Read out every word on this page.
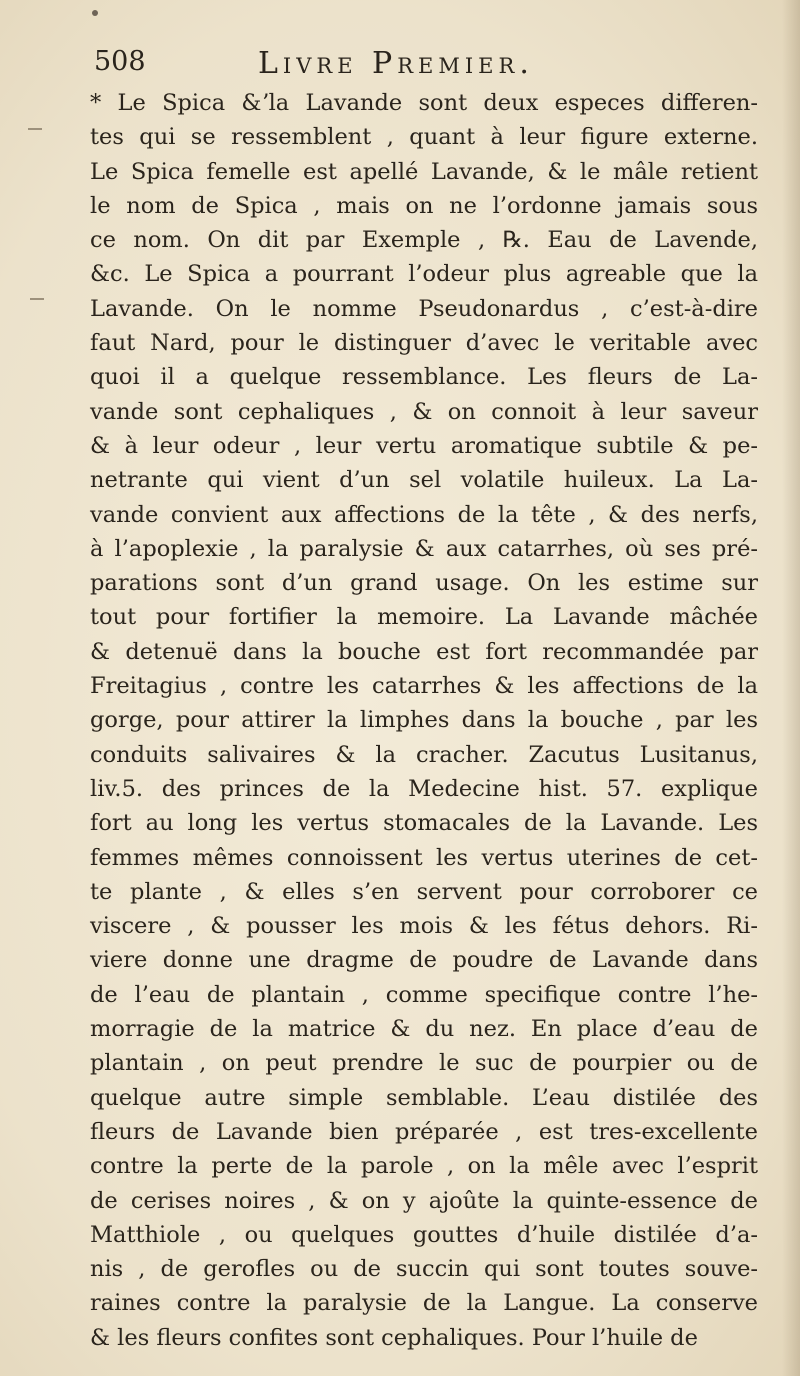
508	Livre Premier.
* Le Spica &ʼla Lavande sont deux especes differen-
tes qui se ressemblent , quant à leur figure externe.
Le Spica femelle est apellé Lavande, & le mâle retient
le nom de Spica , mais on ne l’ordonne jamais sous
ce nom. On dit par Exemple , ℞. Eau de Lavende,
&c. Le Spica a pourrant l’odeur plus agreable que la
Lavande. On le nomme Pseudonardus , c’est-à-dire
faut Nard, pour le distinguer d’avec le veritable avec
quoi il a quelque ressemblance. Les fleurs de La-
vande sont cephaliques , & on connoit à leur saveur
& à leur odeur , leur vertu aromatique subtile & pe-
netrante qui vient d’un sel volatile huileux. La La-
vande convient aux affections de la tête , & des nerfs,
à l’apoplexie , la paralysie & aux catarrhes, où ses pré-
parations sont d’un grand usage. On les estime sur
tout pour fortifier la memoire. La Lavande mâchée
& detenuë dans la bouche est fort recommandée par
Freitagius , contre les catarrhes & les affections de la
gorge, pour attirer la limphes dans la bouche , par les
conduits salivaires & la cracher. Zacutus Lusitanus,
liv.5. des princes de la Medecine hist. 57. explique
fort au long les vertus stomacales de la Lavande. Les
femmes mêmes connoissent les vertus uterines de cet-
te plante , & elles s’en servent pour corroborer ce
viscere , & pousser les mois & les fétus dehors. Ri-
viere donne une dragme de poudre de Lavande dans
de l’eau de plantain , comme specifique contre l’he-
morragie de la matrice & du nez. En place d’eau de
plantain , on peut prendre le suc de pourpier ou de
quelque autre simple semblable. L’eau distilée des
fleurs de Lavande bien préparée , est tres-excellente
contre la perte de la parole , on la mêle avec l’esprit
de cerises noires , & on y ajoûte la quinte-essence de
Matthiole , ou quelques gouttes d’huile distilée d’a-
nis , de gerofles ou de succin qui sont toutes souve-
raines contre la paralysie de la Langue. La conserve
& les fleurs confites sont cephaliques. Pour l’huile de
